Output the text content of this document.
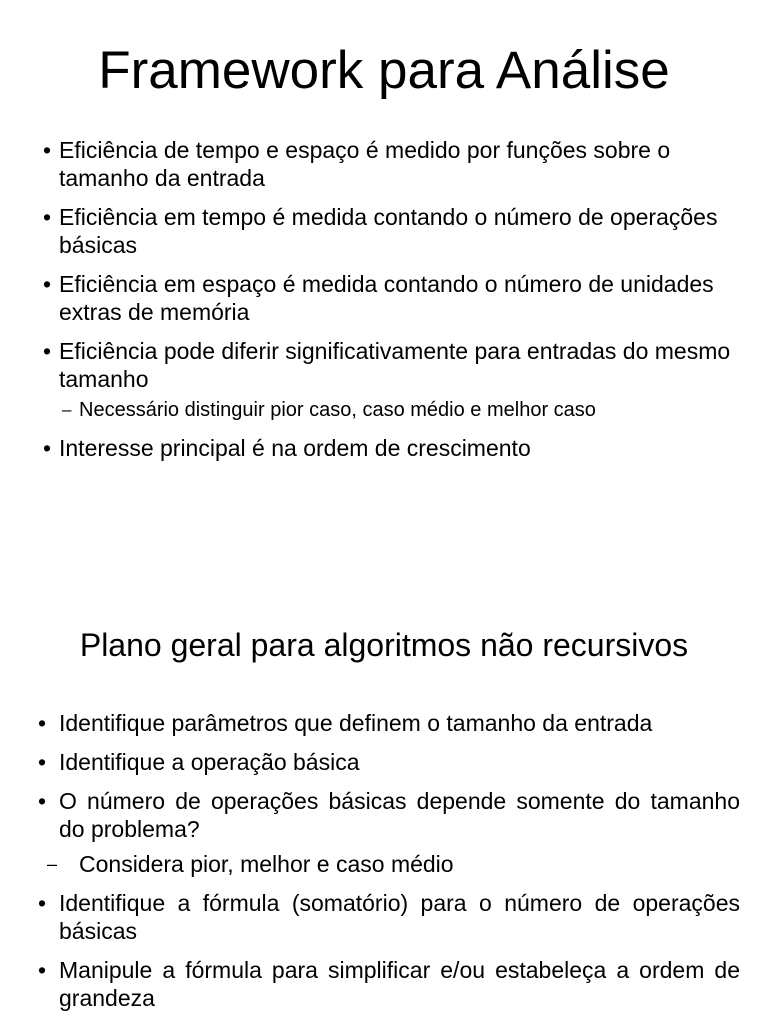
Framework para Análise
• Eficiência de tempo e espaço é medido por funções sobre o tamanho da entrada
• Eficiência em tempo é medida contando o número de operações básicas
• Eficiência em espaço é medida contando o número de unidades extras de memória
• Eficiência pode diferir significativamente para entradas do mesmo tamanho
– Necessário distinguir pior caso, caso médio e melhor caso
• Interesse principal é na ordem de crescimento
Plano geral para algoritmos não recursivos
• Identifique parâmetros que definem o tamanho da entrada
• Identifique a operação básica
• O número de operações básicas depende somente do tamanho do problema?
– Considera pior, melhor e caso médio
• Identifique a fórmula (somatório) para o número de operações básicas
• Manipule a fórmula para simplificar e/ou estabeleça a ordem de grandeza
